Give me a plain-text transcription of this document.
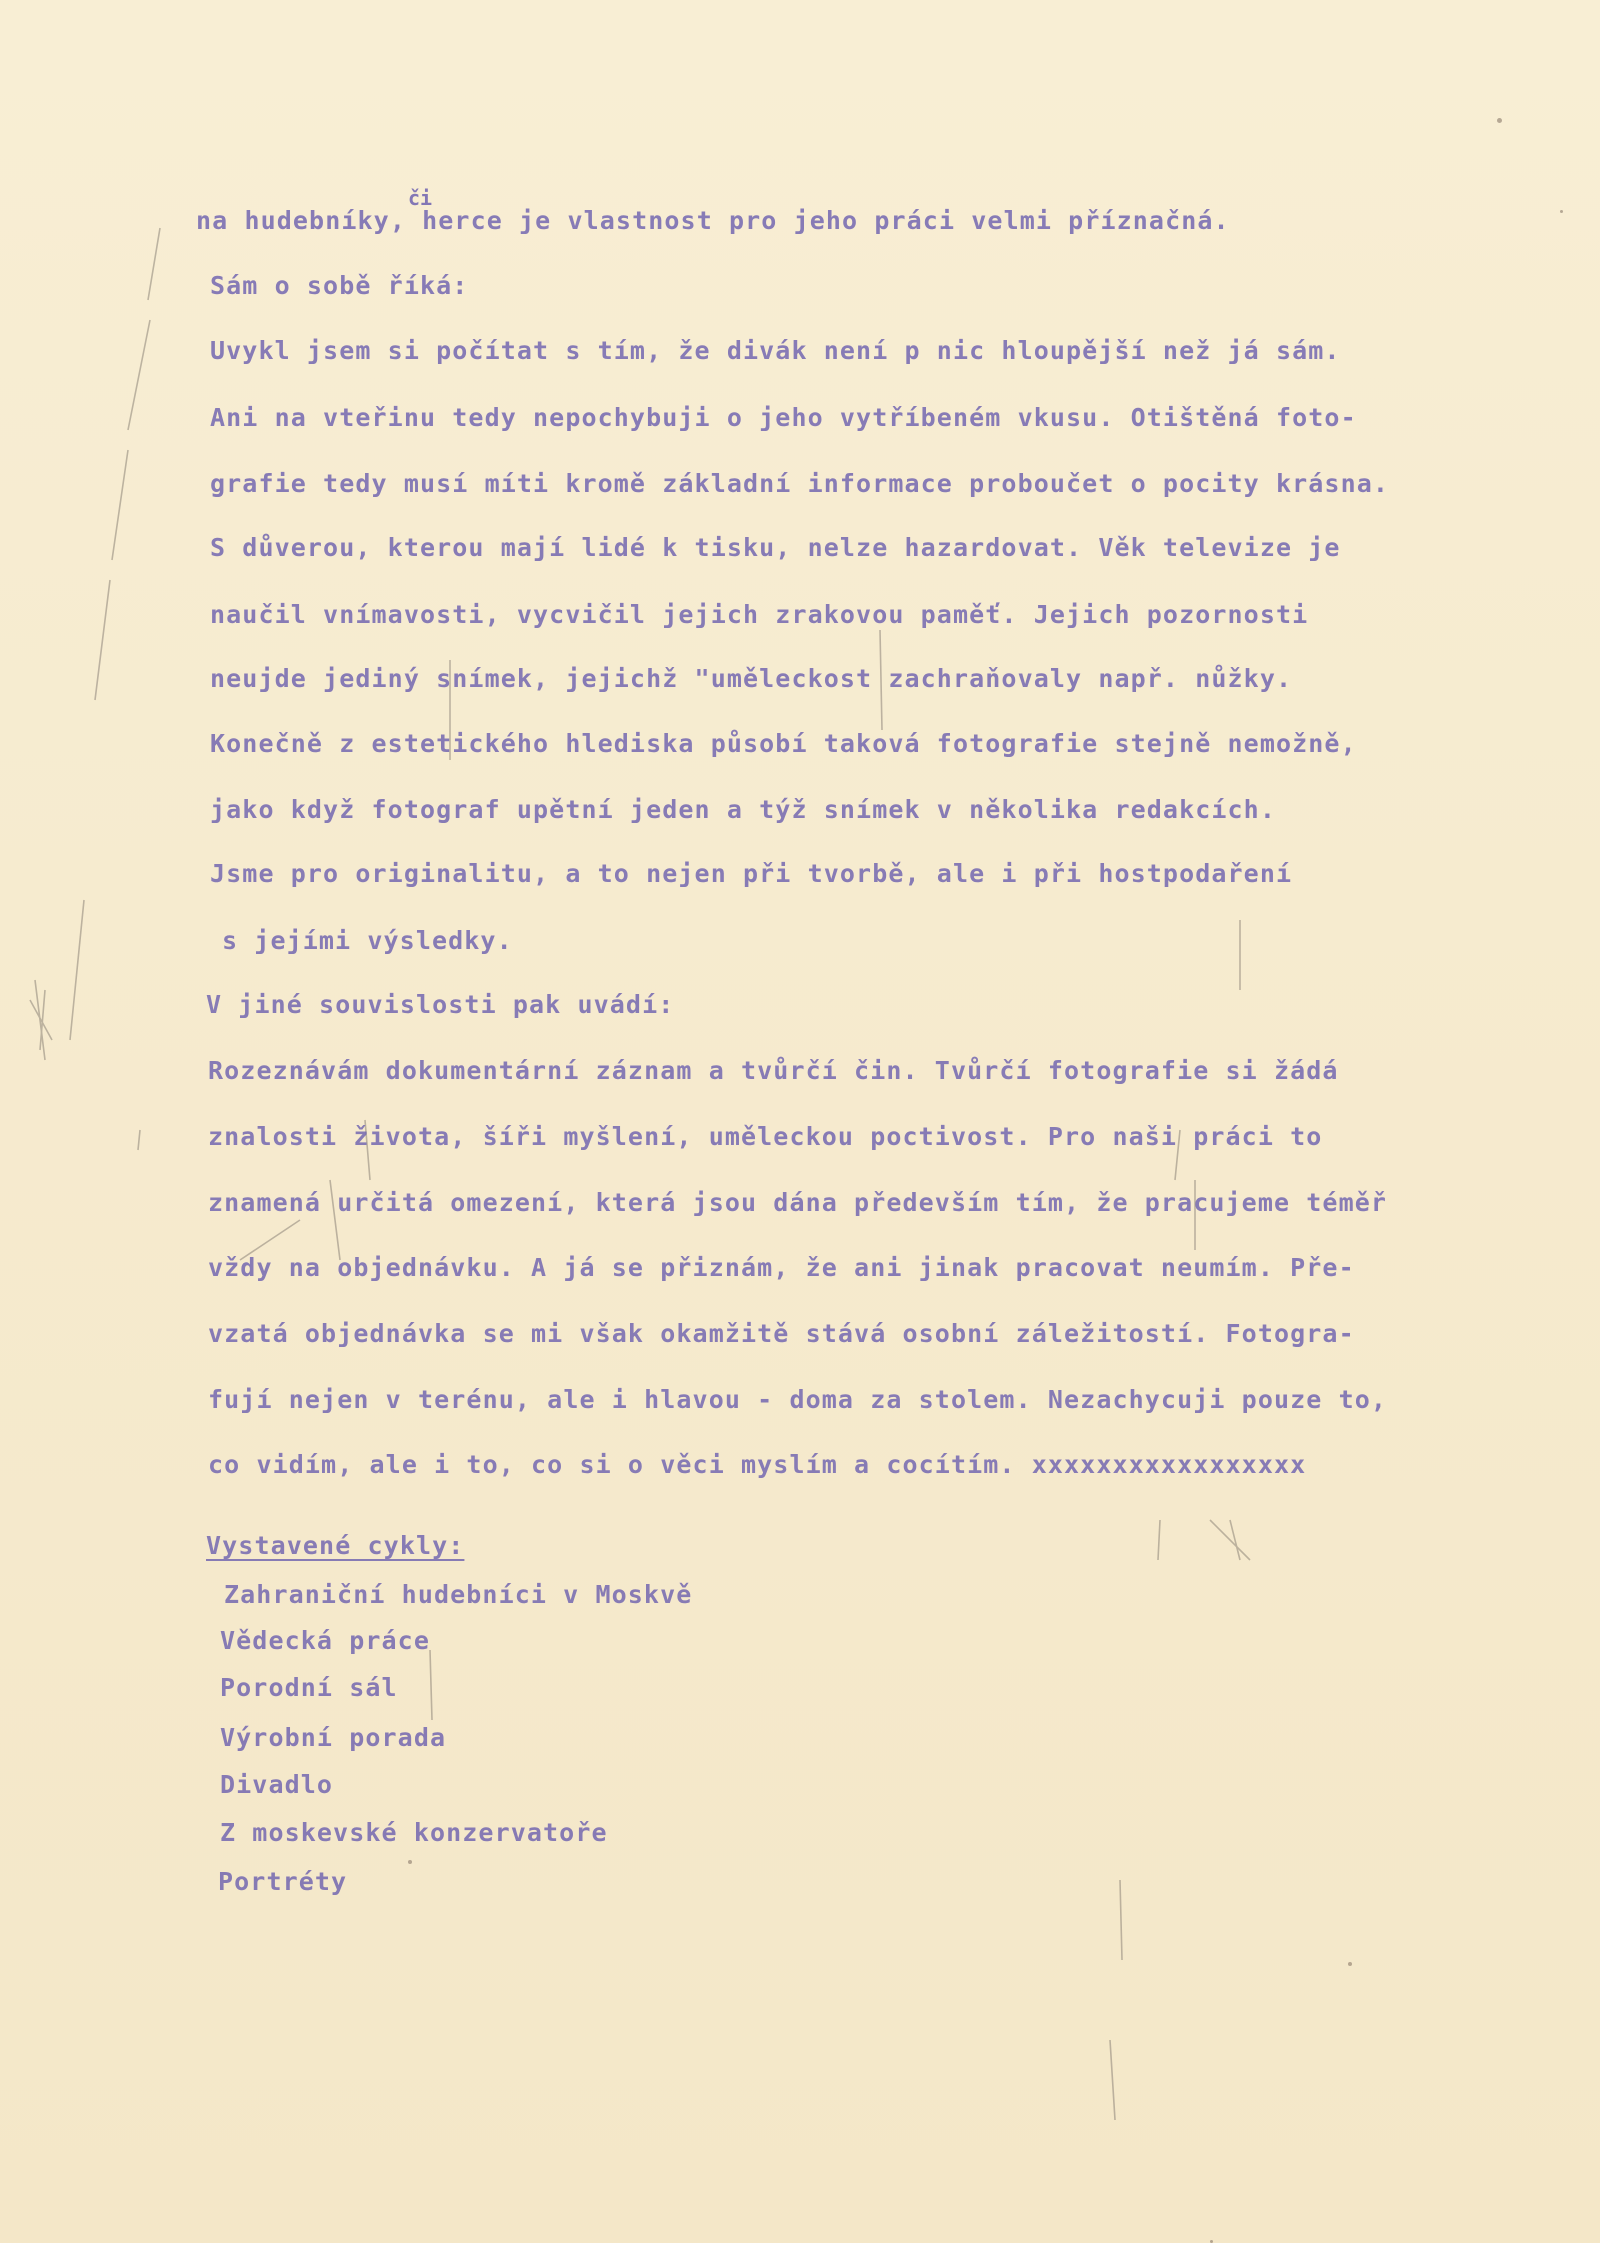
či
na hudebníky, herce je vlastnost pro jeho práci velmi příznačná.
Sám o sobě říká:
Uvykl jsem si počítat s tím, že divák není p nic hloupější než já sám.
Ani na vteřinu tedy nepochybuji o jeho vytříbeném vkusu. Otištěná foto-
grafie tedy musí míti kromě základní informace proboučet o pocity krásna.
S důverou, kterou mají lidé k tisku, nelze hazardovat. Věk televize je
naučil vnímavosti, vycvičil jejich zrakovou paměť. Jejich pozornosti
neujde jediný snímek, jejichž "uměleckost zachraňovaly např. nůžky.
Konečně z estetického hlediska působí taková fotografie stejně nemožně,
jako když fotograf upětní jeden a týž snímek v několika redakcích.
Jsme pro originalitu, a to nejen při tvorbě, ale i při hostpodaření
s jejími výsledky.
V jiné souvislosti pak uvádí:
Rozeznávám dokumentární záznam a tvůrčí čin. Tvůrčí fotografie si žádá
znalosti života, šíři myšlení, uměleckou poctivost. Pro naši práci to
znamená určitá omezení, která jsou dána především tím, že pracujeme téměř
vždy na objednávku. A já se přiznám, že ani jinak pracovat neumím. Pře-
vzatá objednávka se mi však okamžitě stává osobní záležitostí. Fotogra-
fují nejen v terénu, ale i hlavou - doma za stolem. Nezachycuji pouze to,
co vidím, ale i to, co si o věci myslím a cocítím. xxxxxxxxxxxxxxxxx
Vystavené cykly:
Zahraniční hudebníci v Moskvě
Vědecká práce
Porodní sál
Výrobní porada
Divadlo
Z moskevské konzervatoře
Portréty
